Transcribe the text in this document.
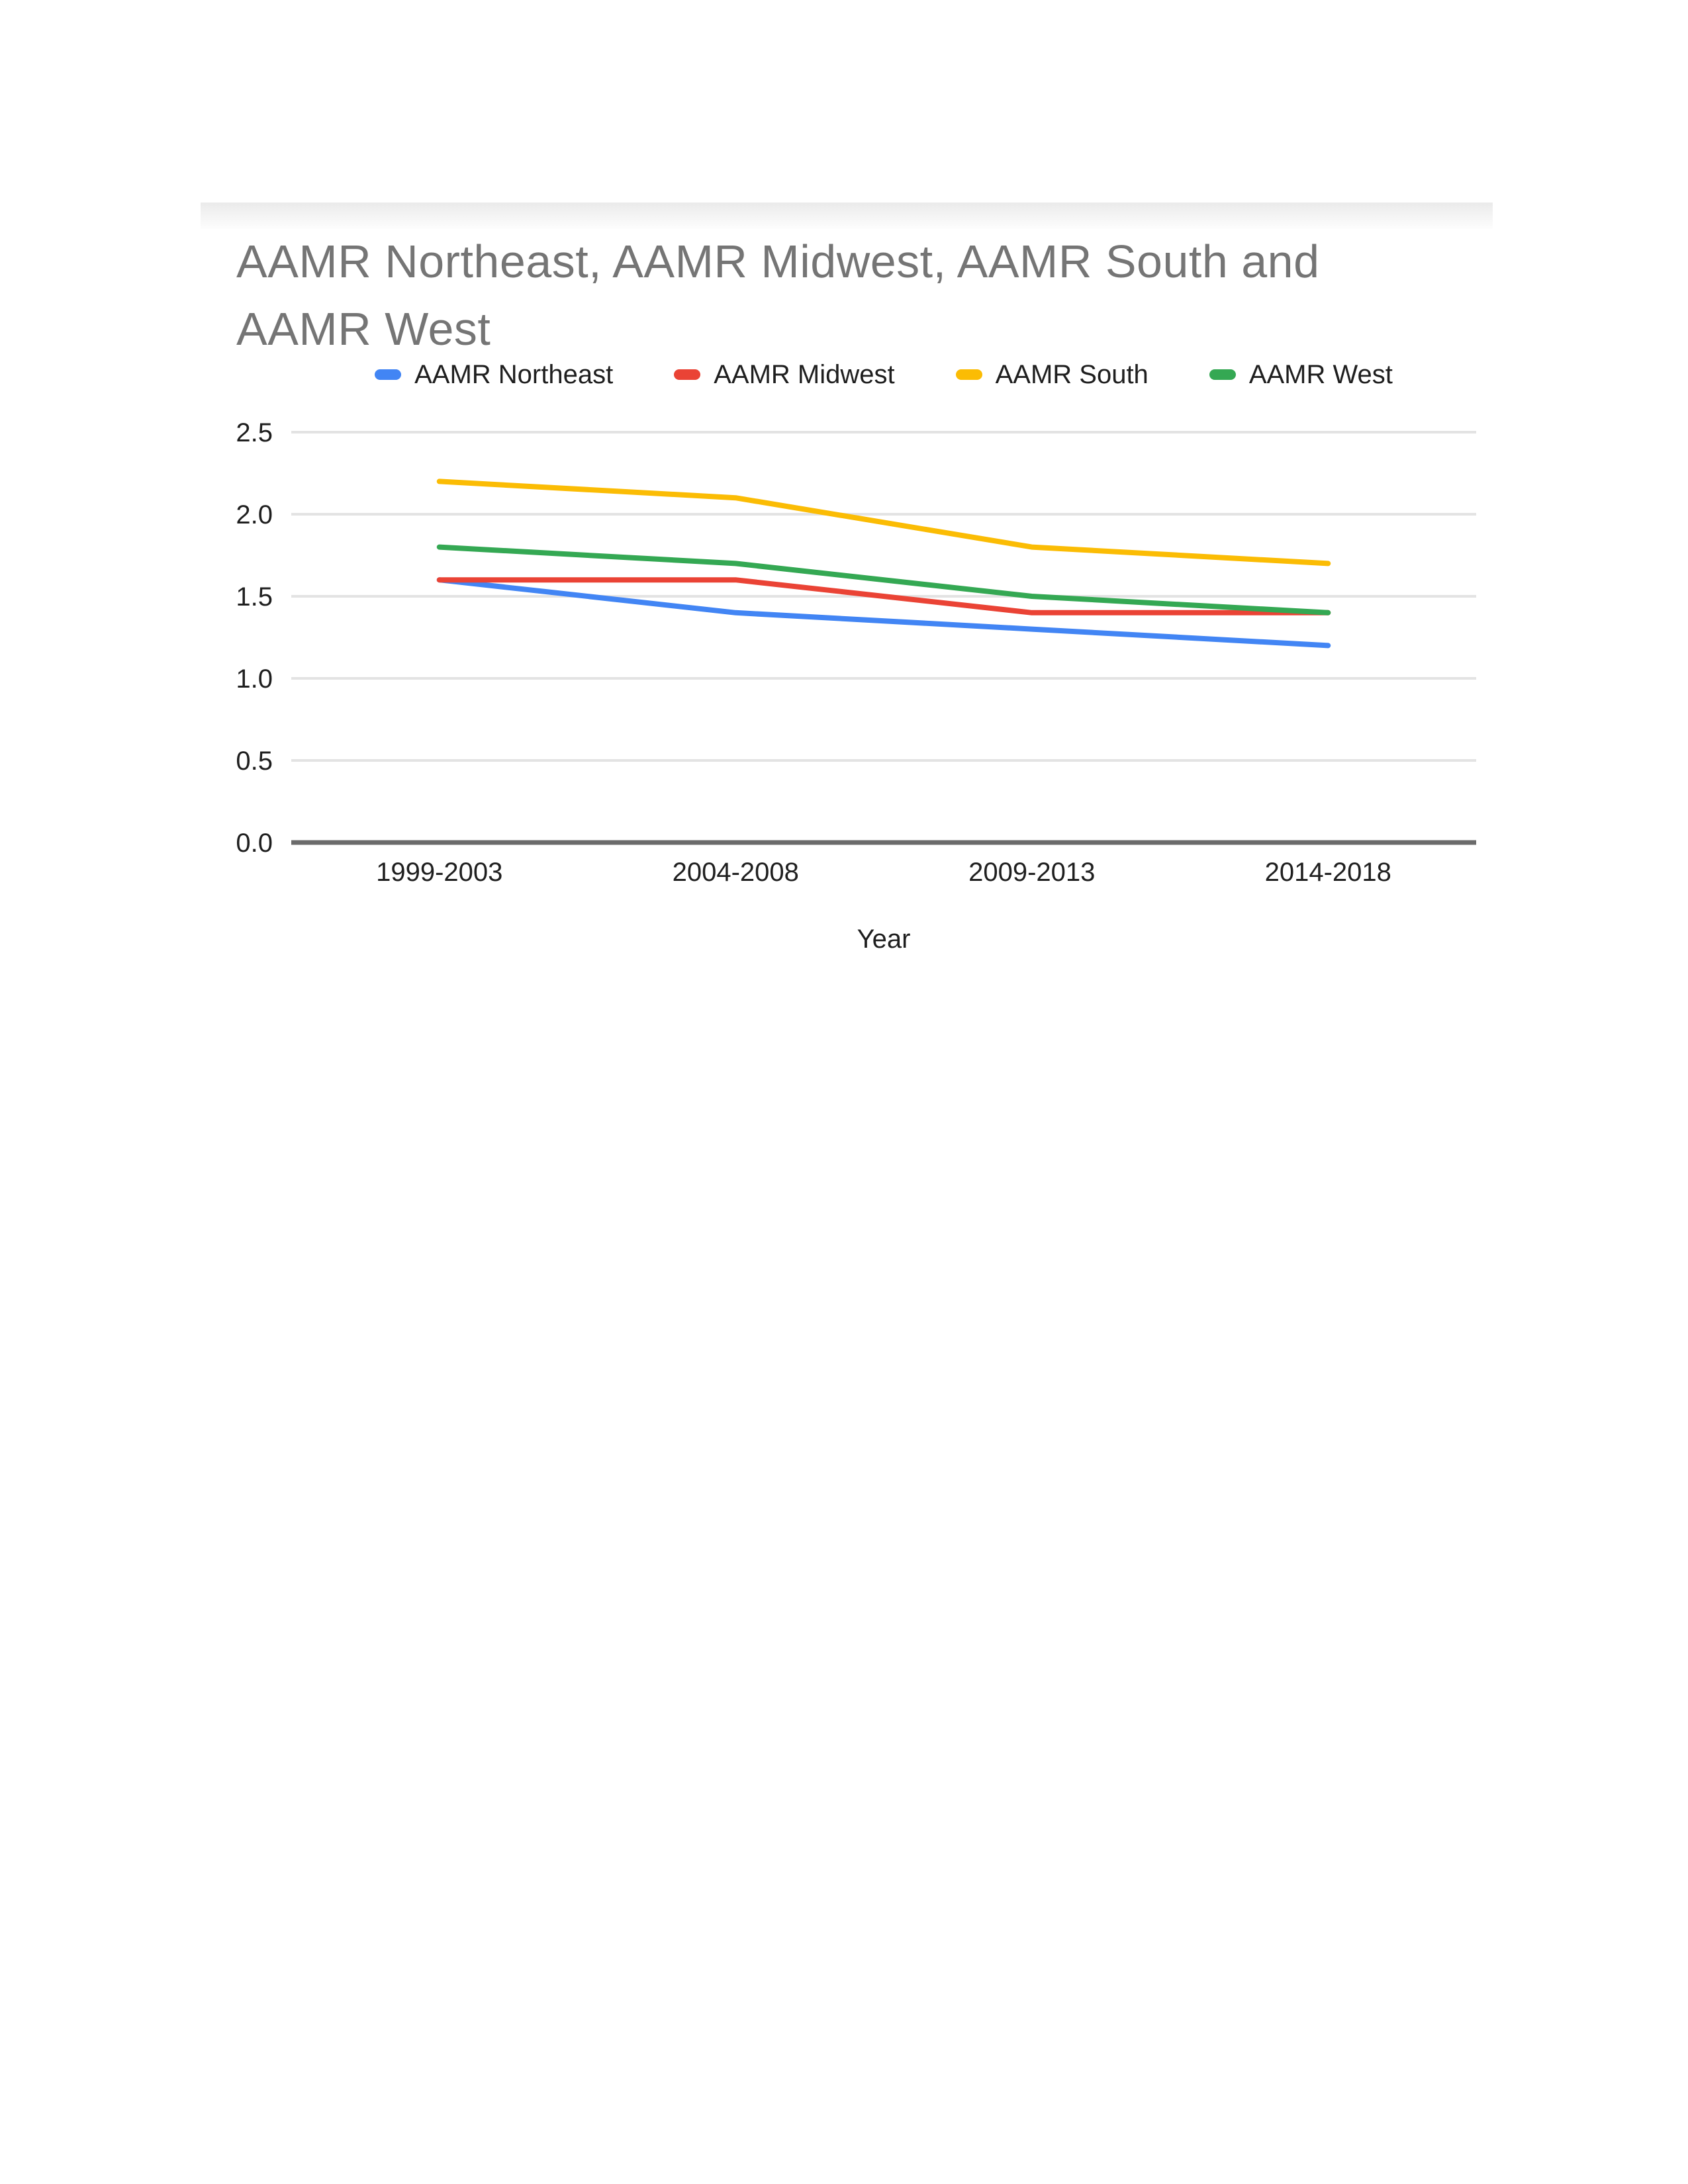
AAMR Northeast, AAMR Midwest, AAMR South and AAMR West
AAMR Northeast	AAMR Midwest	AAMR South	AAMR West
0.0
0.5
1.0
1.5
2.0
2.5
1999-2003	2004-2008	2009-2013	2014-2018
Year
